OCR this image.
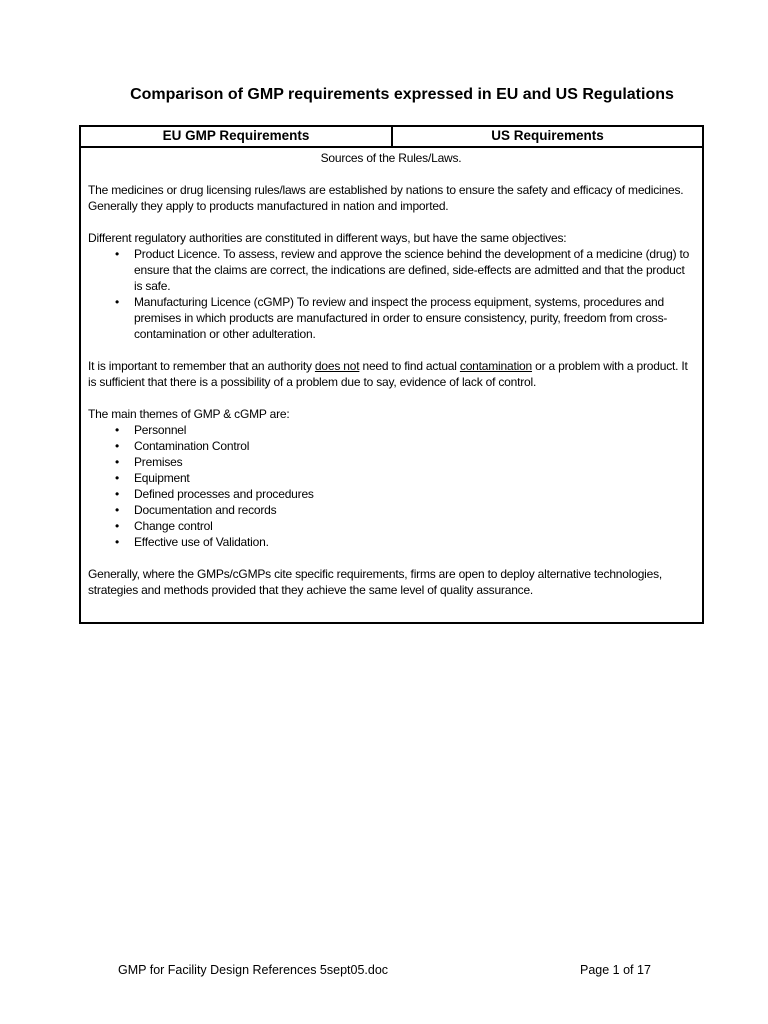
Comparison of GMP requirements expressed in EU and US Regulations
EU GMP Requirements	US Requirements

Sources of the Rules/Laws.

The medicines or drug licensing rules/laws are established by nations to ensure the safety and efficacy of medicines. Generally they apply to products manufactured in nation and imported.

Different regulatory authorities are constituted in different ways, but have the same objectives:

• Product Licence. To assess, review and approve the science behind the development of a medicine (drug) to ensure that the claims are correct, the indications are defined, side-effects are admitted and that the product is safe.
• Manufacturing Licence (cGMP) To review and inspect the process equipment, systems, procedures and premises in which products are manufactured in order to ensure consistency, purity, freedom from cross-contamination or other adulteration.

It is important to remember that an authority does not need to find actual contamination or a problem with a product. It is sufficient that there is a possibility of a problem due to say, evidence of lack of control.

The main themes of GMP & cGMP are:

• Personnel
• Contamination Control
• Premises
• Equipment
• Defined processes and procedures
• Documentation and records
• Change control
• Effective use of Validation.

Generally, where the GMPs/cGMPs cite specific requirements, firms are open to deploy alternative technologies, strategies and methods provided that they achieve the same level of quality assurance.

GMP for Facility Design References 5sept05.doc	Page 1 of 17
